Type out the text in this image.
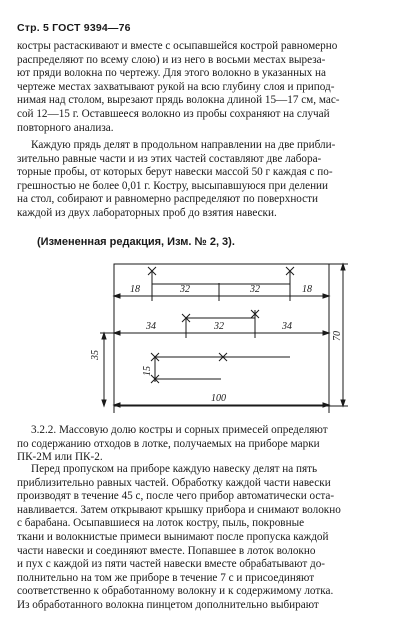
Стр. 5 ГОСТ 9394—76
костры растаскивают и вместе с осыпавшейся кострой равномерно
распределяют по всему слою) и из него в восьми местах выреза-
ют пряди волокна по чертежу. Для этого волокно в указанных на
чертеже местах захватывают рукой на всю глубину слоя и припод-
нимая над столом, вырезают прядь волокна длиной 15—17 см, мас-
сой 12—15 г. Оставшееся волокно из пробы сохраняют на случай
повторного анализа.
Каждую прядь делят в продольном направлении на две прибли-
зительно равные части и из этих частей составляют две лабора-
торные пробы, от которых берут навески массой 50 г каждая с по-
грешностью не более 0,01 г. Костру, высыпавшуюся при делении
на стол, собирают и равномерно распределяют по поверхности
каждой из двух лабораторных проб до взятия навески.
(Измененная редакция, Изм. № 2, 3).
18	32	32	18
34	32	34
35
15
70
100
3.2.2. Массовую долю костры и сорных примесей определяют
по содержанию отходов в лотке, получаемых на приборе марки
ПК-2М или ПК-2.
Перед пропуском на приборе каждую навеску делят на пять
приблизительно равных частей. Обработку каждой части навески
производят в течение 45 с, после чего прибор автоматически оста-
навливается. Затем открывают крышку прибора и снимают волокно
с барабана. Осыпавшиеся на лоток костру, пыль, покровные
ткани и волокнистые примеси вынимают после пропуска каждой
части навески и соединяют вместе. Попавшее в лоток волокно
и пух с каждой из пяти частей навески вместе обрабатывают до-
полнительно на том же приборе в течение 7 с и присоединяют
соответственно к обработанному волокну и к содержимому лотка.
Из обработанного волокна пинцетом дополнительно выбирают
